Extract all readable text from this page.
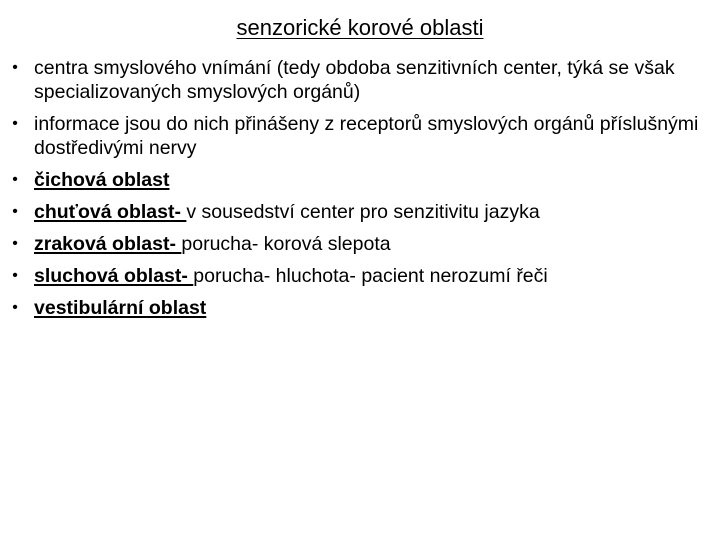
senzorické korové oblasti
• centra smyslového vnímání (tedy obdoba senzitivních center, týká se však specializovaných smyslových orgánů)
• informace jsou do nich přinášeny z receptorů smyslových orgánů příslušnými dostředivými nervy
• čichová oblast
• chuťová oblast- v sousedství center pro senzitivitu jazyka
• zraková oblast- porucha- korová slepota
• sluchová oblast- porucha- hluchota- pacient nerozumí řeči
• vestibulární oblast
